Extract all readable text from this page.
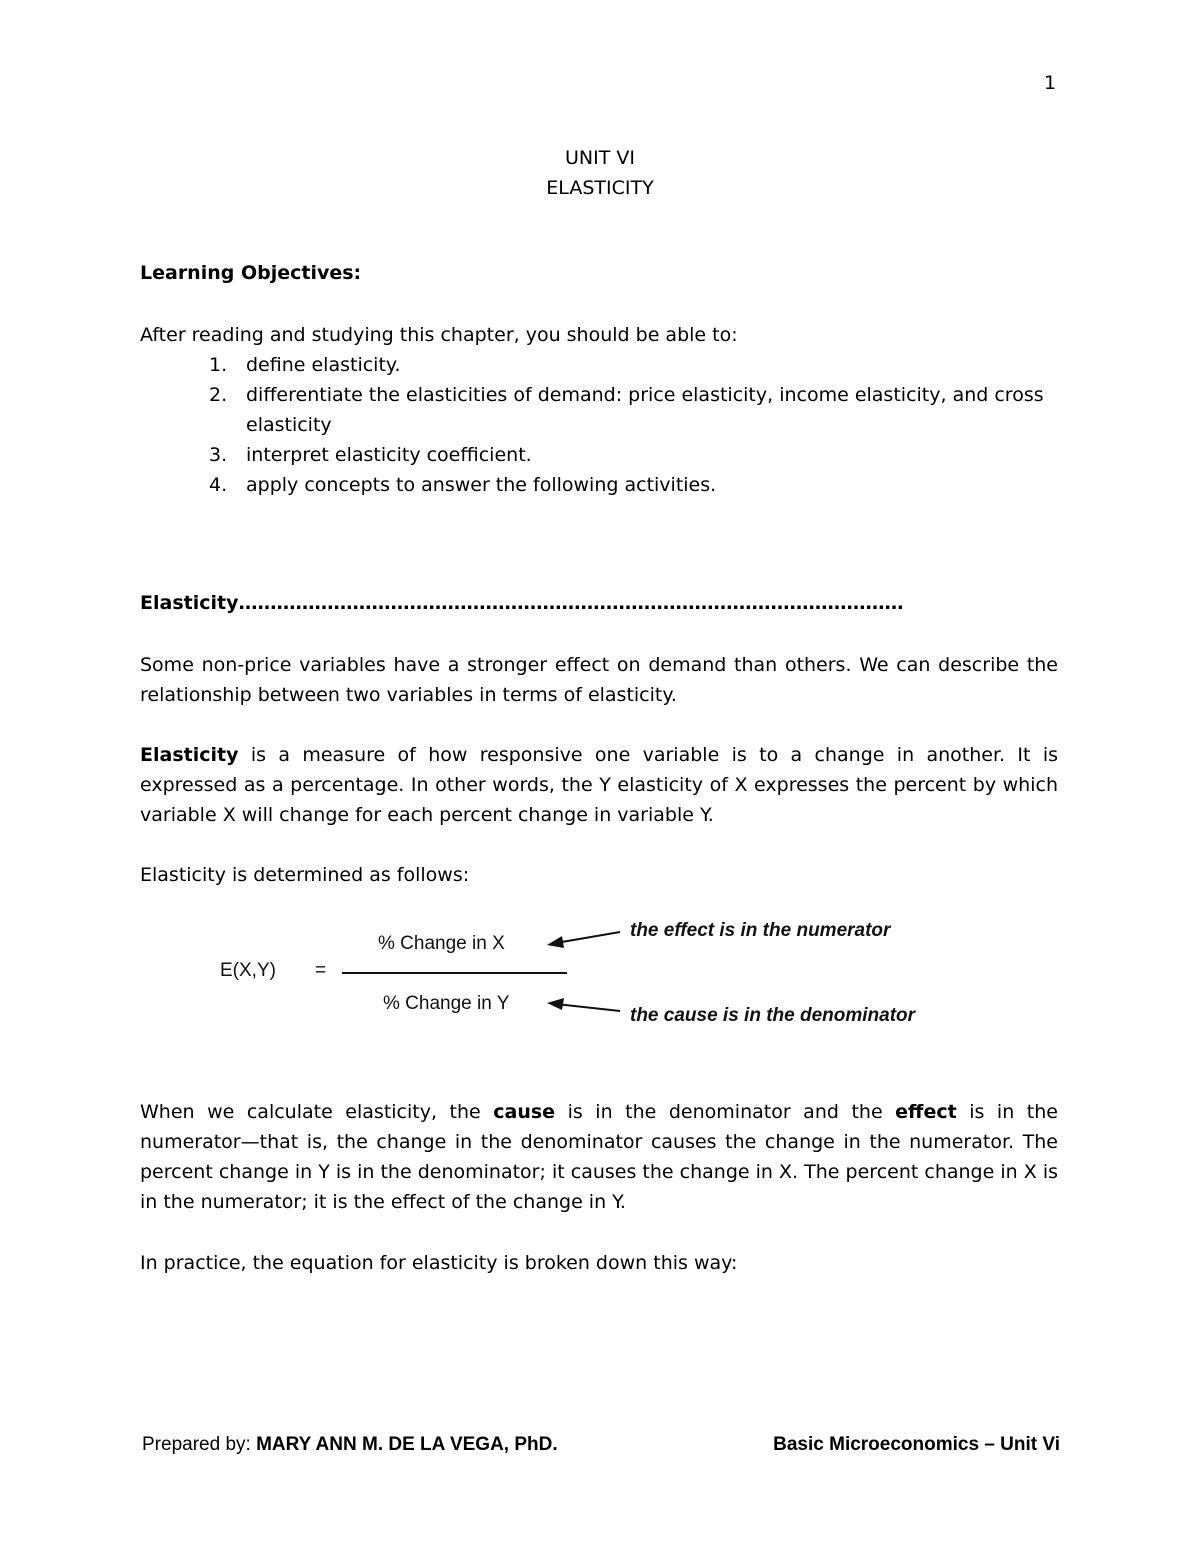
1
UNIT VI
ELASTICITY
Learning Objectives:
After reading and studying this chapter, you should be able to:
1. define elasticity.
2. differentiate the elasticities of demand: price elasticity, income elasticity, and cross elasticity
3. interpret elasticity coefficient.
4. apply concepts to answer the following activities.
Elasticity……………………………………………………………………………………………
Some non-price variables have a stronger effect on demand than others. We can describe the relationship between two variables in terms of elasticity.
Elasticity is a measure of how responsive one variable is to a change in another. It is expressed as a percentage. In other words, the Y elasticity of X expresses the percent by which variable X will change for each percent change in variable Y.
Elasticity is determined as follows:
E(X,Y) =
% Change in X
% Change in Y
the effect is in the numerator
the cause is in the denominator
When we calculate elasticity, the cause is in the denominator and the effect is in the numerator—that is, the change in the denominator causes the change in the numerator. The percent change in Y is in the denominator; it causes the change in X. The percent change in X is in the numerator; it is the effect of the change in Y.
In practice, the equation for elasticity is broken down this way:
Prepared by: MARY ANN M. DE LA VEGA, PhD.	Basic Microeconomics – Unit Vi
